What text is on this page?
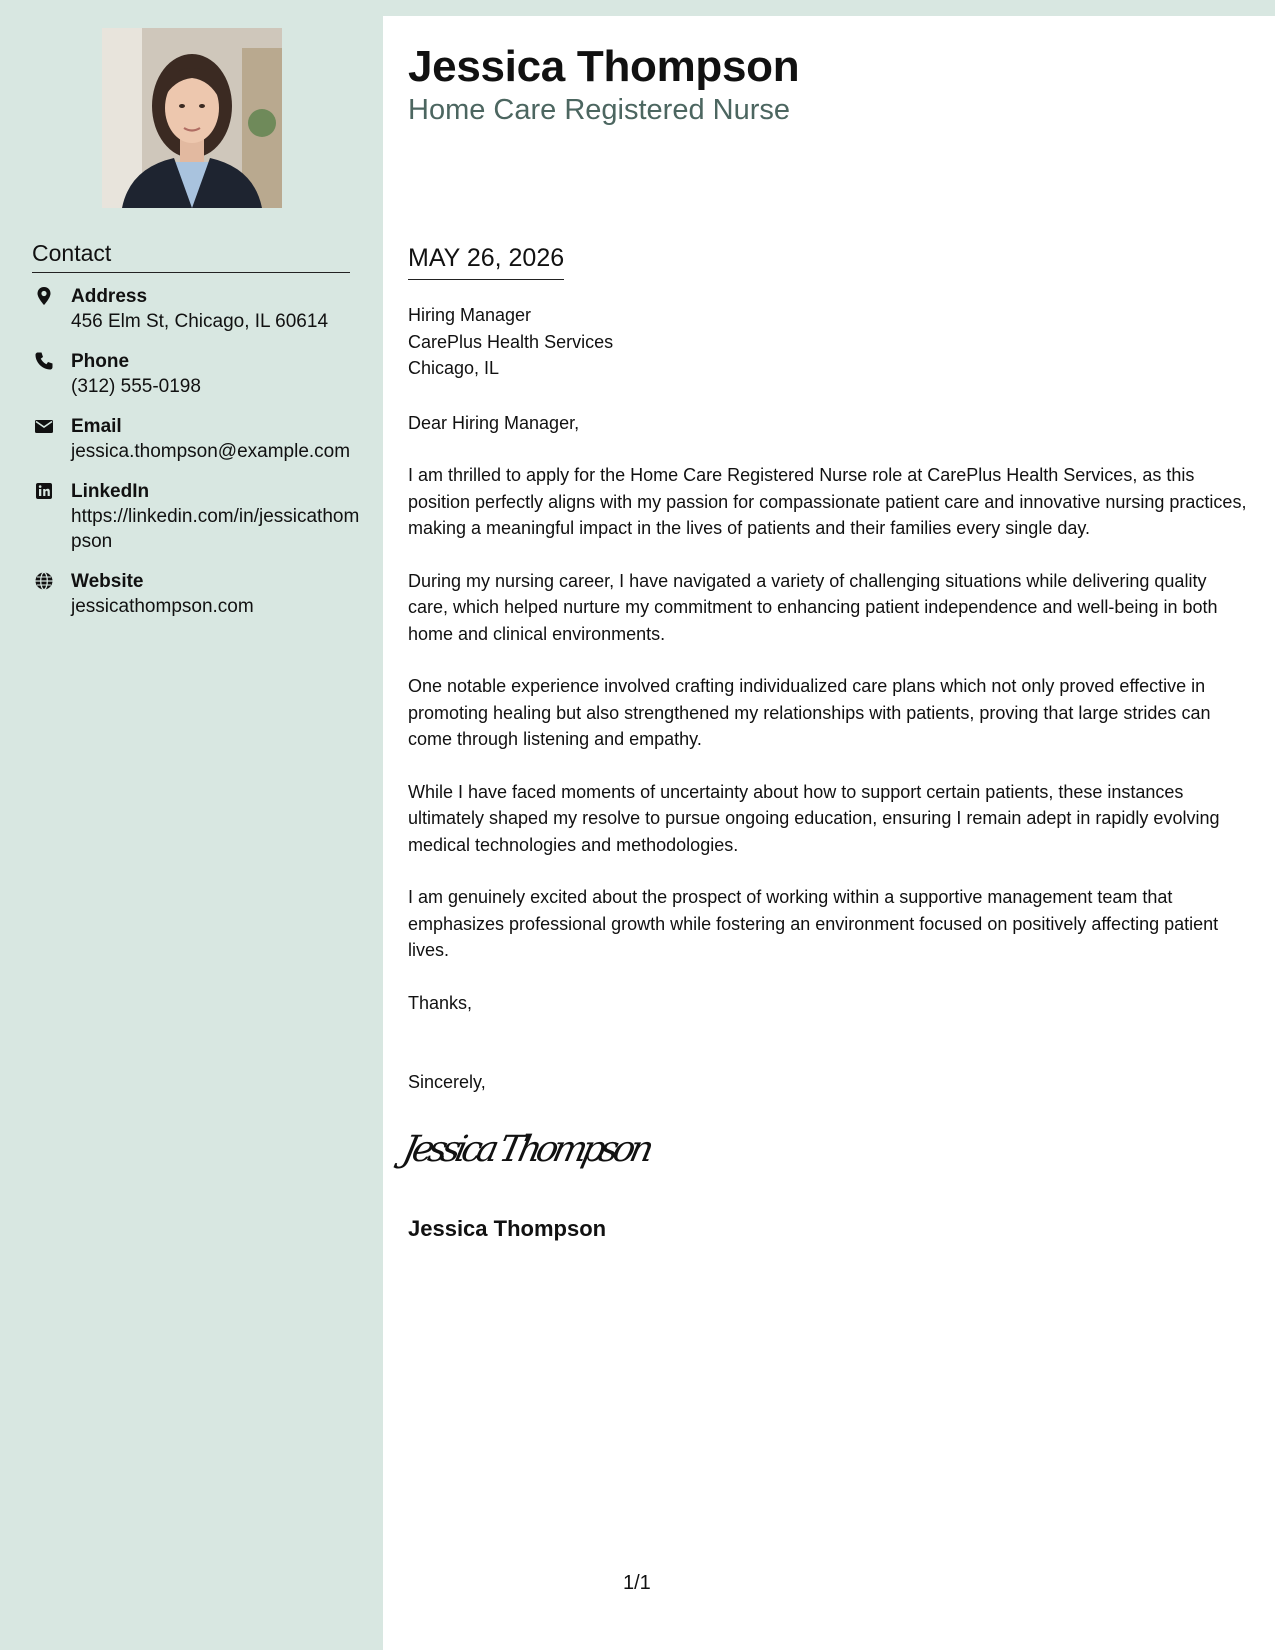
Contact
Address
456 Elm St, Chicago, IL 60614
Phone
(312) 555-0198
Email
jessica.thompson@example.com
LinkedIn
https://linkedin.com/in/jessicathompson
Website
jessicathompson.com
Jessica Thompson
Home Care Registered Nurse
MAY 26, 2026
Hiring Manager
CarePlus Health Services
Chicago, IL

Dear Hiring Manager,

I am thrilled to apply for the Home Care Registered Nurse role at CarePlus Health Services, as this position perfectly aligns with my passion for compassionate patient care and innovative nursing practices, making a meaningful impact in the lives of patients and their families every single day.

During my nursing career, I have navigated a variety of challenging situations while delivering quality care, which helped nurture my commitment to enhancing patient independence and well-being in both home and clinical environments.

One notable experience involved crafting individualized care plans which not only proved effective in promoting healing but also strengthened my relationships with patients, proving that large strides can come through listening and empathy.

While I have faced moments of uncertainty about how to support certain patients, these instances ultimately shaped my resolve to pursue ongoing education, ensuring I remain adept in rapidly evolving medical technologies and methodologies.

I am genuinely excited about the prospect of working within a supportive management team that emphasizes professional growth while fostering an environment focused on positively affecting patient lives.

Thanks,

Sincerely,

Jessica Thompson
Jessica Thompson
1/1
